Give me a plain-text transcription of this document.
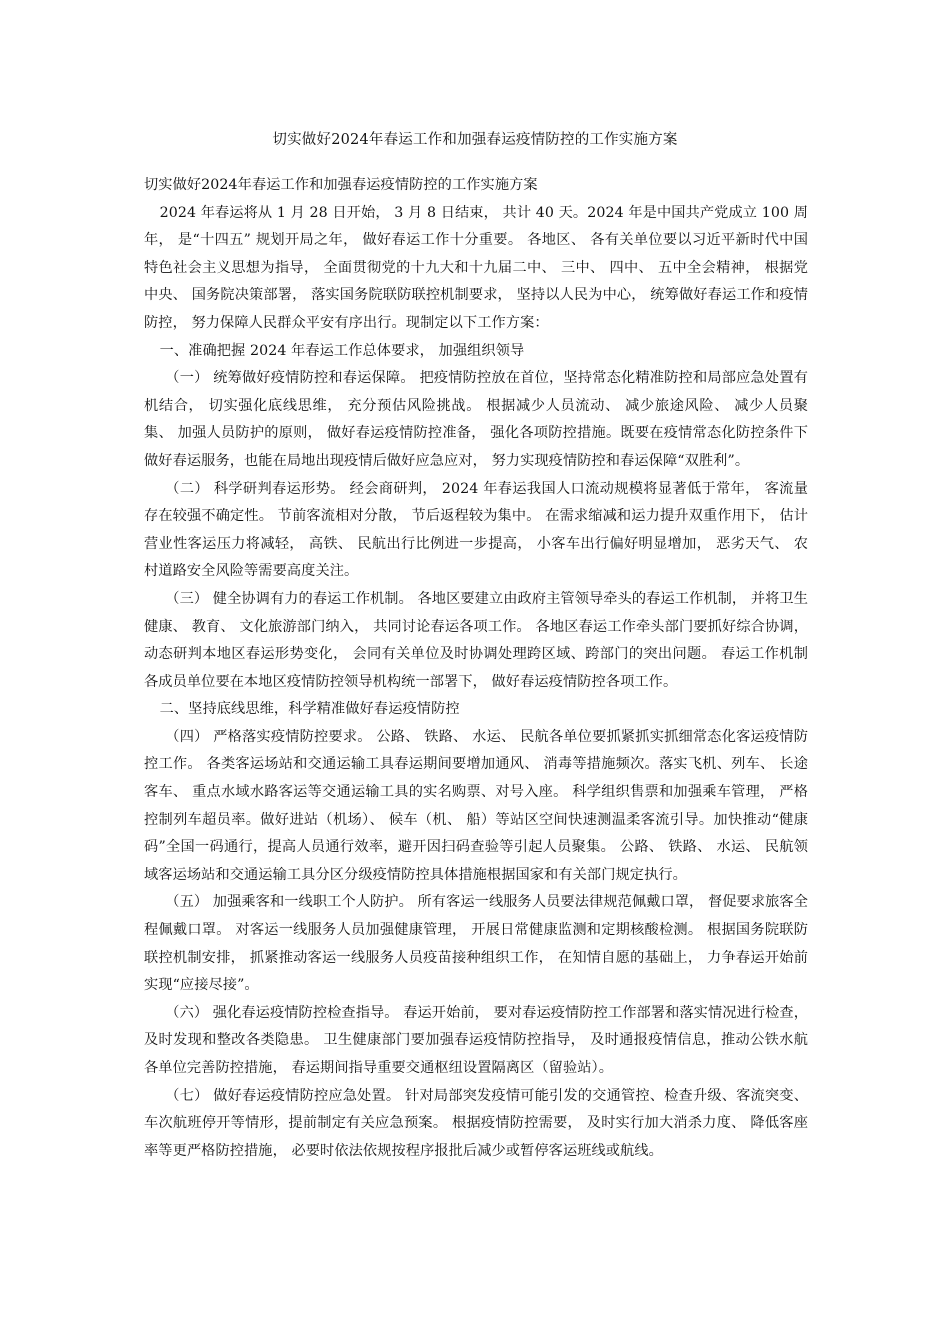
切实做好2024年春运工作和加强春运疫情防控的工作实施方案

切实做好2024年春运工作和加强春运疫情防控的工作实施方案

2024 年春运将从 1 月 28 日开始， 3 月 8 日结束， 共计 40 天。2024 年是中国共产党成立 100 周年， 是“十四五” 规划开局之年， 做好春运工作十分重要。 各地区、 各有关单位要以习近平新时代中国特色社会主义思想为指导， 全面贯彻党的十九大和十九届二中、 三中、 四中、 五中全会精神， 根据党中央、 国务院决策部署， 落实国务院联防联控机制要求， 坚持以人民为中心， 统筹做好春运工作和疫情防控， 努力保障人民群众平安有序出行。现制定以下工作方案：

一、准确把握 2024 年春运工作总体要求， 加强组织领导

（一） 统筹做好疫情防控和春运保障。 把疫情防控放在首位，坚持常态化精准防控和局部应急处置有机结合， 切实强化底线思维， 充分预估风险挑战。 根据减少人员流动、 减少旅途风险、 减少人员聚集、 加强人员防护的原则， 做好春运疫情防控准备， 强化各项防控措施。既要在疫情常态化防控条件下做好春运服务，也能在局地出现疫情后做好应急应对， 努力实现疫情防控和春运保障“双胜利”。

（二） 科学研判春运形势。 经会商研判， 2024 年春运我国人口流动规模将显著低于常年， 客流量存在较强不确定性。 节前客流相对分散， 节后返程较为集中。 在需求缩减和运力提升双重作用下， 估计营业性客运压力将减轻， 高铁、 民航出行比例进一步提高， 小客车出行偏好明显增加， 恶劣天气、 农村道路安全风险等需要高度关注。

（三） 健全协调有力的春运工作机制。 各地区要建立由政府主管领导牵头的春运工作机制， 并将卫生健康、 教育、 文化旅游部门纳入， 共同讨论春运各项工作。 各地区春运工作牵头部门要抓好综合协调， 动态研判本地区春运形势变化， 会同有关单位及时协调处理跨区域、跨部门的突出问题。 春运工作机制各成员单位要在本地区疫情防控领导机构统一部署下， 做好春运疫情防控各项工作。

二、坚持底线思维，科学精准做好春运疫情防控

（四） 严格落实疫情防控要求。 公路、 铁路、 水运、 民航各单位要抓紧抓实抓细常态化客运疫情防控工作。 各类客运场站和交通运输工具春运期间要增加通风、 消毒等措施频次。落实飞机、列车、 长途客车、 重点水域水路客运等交通运输工具的实名购票、对号入座。 科学组织售票和加强乘车管理， 严格控制列车超员率。做好进站（机场）、 候车（机、 船）等站区空间快速测温柔客流引导。加快推动“健康码”全国一码通行，提高人员通行效率，避开因扫码查验等引起人员聚集。 公路、 铁路、 水运、 民航领域客运场站和交通运输工具分区分级疫情防控具体措施根据国家和有关部门规定执行。

（五） 加强乘客和一线职工个人防护。 所有客运一线服务人员要法律规范佩戴口罩， 督促要求旅客全程佩戴口罩。 对客运一线服务人员加强健康管理， 开展日常健康监测和定期核酸检测。 根据国务院联防联控机制安排， 抓紧推动客运一线服务人员疫苗接种组织工作， 在知情自愿的基础上， 力争春运开始前实现“应接尽接”。

（六） 强化春运疫情防控检查指导。 春运开始前， 要对春运疫情防控工作部署和落实情况进行检查， 及时发现和整改各类隐患。 卫生健康部门要加强春运疫情防控指导， 及时通报疫情信息，推动公铁水航各单位完善防控措施， 春运期间指导重要交通枢纽设置隔离区（留验站）。

（七） 做好春运疫情防控应急处置。 针对局部突发疫情可能引发的交通管控、检查升级、客流突变、车次航班停开等情形，提前制定有关应急预案。 根据疫情防控需要， 及时实行加大消杀力度、 降低客座率等更严格防控措施， 必要时依法依规按程序报批后减少或暂停客运班线或航线。
